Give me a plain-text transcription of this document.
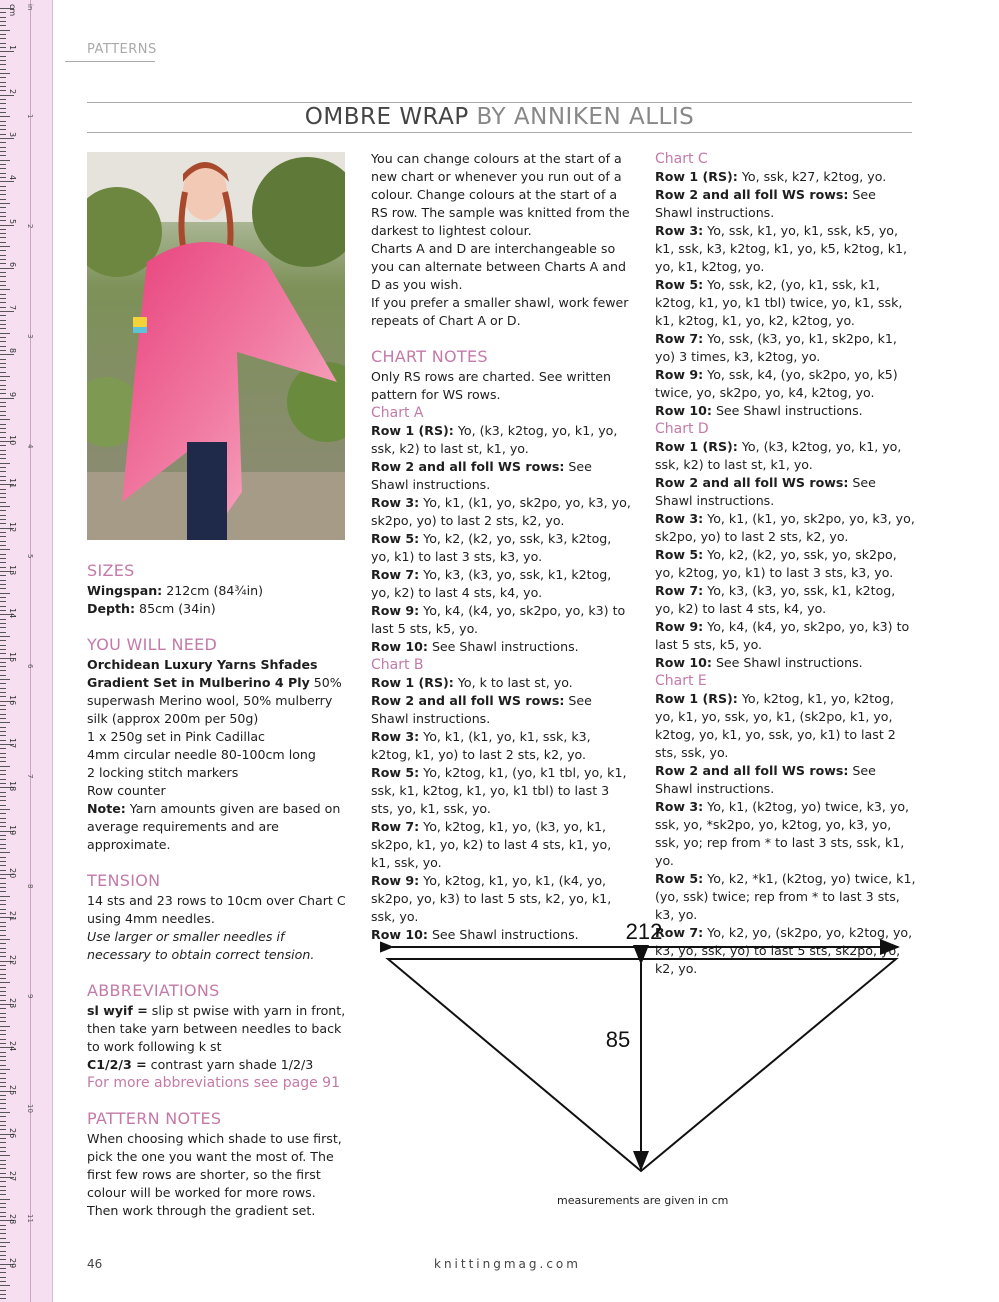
cm
1
2
3
4
5
6
7
8
9
10
11
12
13
14
15
16
17
18
19
20
21
22
23
24
25
26
27
28
29
in
1
2
3
4
5
6
7
8
9
10
11
PATTERNS
OMBRE WRAP BY ANNIKEN ALLIS
SIZES

Wingspan: 212cm (84¾in)

Depth: 85cm (34in)

YOU WILL NEED

Orchidean Luxury Yarns Shfades Gradient Set in Mulberino 4 Ply 50% superwash Merino wool, 50% mulberry silk (approx 200m per 50g)

1 x 250g set in Pink Cadillac

4mm circular needle 80-100cm long

2 locking stitch markers

Row counter

Note: Yarn amounts given are based on average requirements and are approximate.

TENSION

14 sts and 23 rows to 10cm over Chart C using 4mm needles.

Use larger or smaller needles if necessary to obtain correct tension.

ABBREVIATIONS

sl wyif = slip st pwise with yarn in front, then take yarn between needles to back to work following k st

C1/2/3 = contrast yarn shade 1/2/3

For more abbreviations see page 91

PATTERN NOTES

When choosing which shade to use first, pick the one you want the most of. The first few rows are shorter, so the first colour will be worked for more rows. Then work through the gradient set.

You can change colours at the start of a new chart or whenever you run out of a colour. Change colours at the start of a RS row. The sample was knitted from the darkest to lightest colour.

Charts A and D are interchangeable so you can alternate between Charts A and D as you wish.

If you prefer a smaller shawl, work fewer repeats of Chart A or D.

CHART NOTES

Only RS rows are charted. See written pattern for WS rows.

Chart A

Row 1 (RS): Yo, (k3, k2tog, yo, k1, yo, ssk, k2) to last st, k1, yo.

Row 2 and all foll WS rows: See Shawl instructions.

Row 3: Yo, k1, (k1, yo, sk2po, yo, k3, yo, sk2po, yo) to last 2 sts, k2, yo.

Row 5: Yo, k2, (k2, yo, ssk, k3, k2tog, yo, k1) to last 3 sts, k3, yo.

Row 7: Yo, k3, (k3, yo, ssk, k1, k2tog, yo, k2) to last 4 sts, k4, yo.

Row 9: Yo, k4, (k4, yo, sk2po, yo, k3) to last 5 sts, k5, yo.

Row 10: See Shawl instructions.

Chart B

Row 1 (RS): Yo, k to last st, yo.

Row 2 and all foll WS rows: See Shawl instructions.

Row 3: Yo, k1, (k1, yo, k1, ssk, k3, k2tog, k1, yo) to last 2 sts, k2, yo.

Row 5: Yo, k2tog, k1, (yo, k1 tbl, yo, k1, ssk, k1, k2tog, k1, yo, k1 tbl) to last 3 sts, yo, k1, ssk, yo.

Row 7: Yo, k2tog, k1, yo, (k3, yo, k1, sk2po, k1, yo, k2) to last 4 sts, k1, yo, k1, ssk, yo.

Row 9: Yo, k2tog, k1, yo, k1, (k4, yo, sk2po, yo, k3) to last 5 sts, k2, yo, k1, ssk, yo.

Row 10: See Shawl instructions.

Chart C

Row 1 (RS): Yo, ssk, k27, k2tog, yo.

Row 2 and all foll WS rows: See Shawl instructions.

Row 3: Yo, ssk, k1, yo, k1, ssk, k5, yo, k1, ssk, k3, k2tog, k1, yo, k5, k2tog, k1, yo, k1, k2tog, yo.

Row 5: Yo, ssk, k2, (yo, k1, ssk, k1, k2tog, k1, yo, k1 tbl) twice, yo, k1, ssk, k1, k2tog, k1, yo, k2, k2tog, yo.

Row 7: Yo, ssk, (k3, yo, k1, sk2po, k1, yo) 3 times, k3, k2tog, yo.

Row 9: Yo, ssk, k4, (yo, sk2po, yo, k5) twice, yo, sk2po, yo, k4, k2tog, yo.

Row 10: See Shawl instructions.

Chart D

Row 1 (RS): Yo, (k3, k2tog, yo, k1, yo, ssk, k2) to last st, k1, yo.

Row 2 and all foll WS rows: See Shawl instructions.

Row 3: Yo, k1, (k1, yo, sk2po, yo, k3, yo, sk2po, yo) to last 2 sts, k2, yo.

Row 5: Yo, k2, (k2, yo, ssk, yo, sk2po, yo, k2tog, yo, k1) to last 3 sts, k3, yo.

Row 7: Yo, k3, (k3, yo, ssk, k1, k2tog, yo, k2) to last 4 sts, k4, yo.

Row 9: Yo, k4, (k4, yo, sk2po, yo, k3) to last 5 sts, k5, yo.

Row 10: See Shawl instructions.

Chart E

Row 1 (RS): Yo, k2tog, k1, yo, k2tog, yo, k1, yo, ssk, yo, k1, (sk2po, k1, yo, k2tog, yo, k1, yo, ssk, yo, k1) to last 2 sts, ssk, yo.

Row 2 and all foll WS rows: See Shawl instructions.

Row 3: Yo, k1, (k2tog, yo) twice, k3, yo, ssk, yo, *sk2po, yo, k2tog, yo, k3, yo, ssk, yo; rep from * to last 3 sts, ssk, k1, yo.

Row 5: Yo, k2, *k1, (k2tog, yo) twice, k1, (yo, ssk) twice; rep from * to last 3 sts, k3, yo.

Row 7: Yo, k2, yo, (sk2po, yo, k2tog, yo, k3, yo, ssk, yo) to last 5 sts, sk2po, yo, k2, yo.

212
85
measurements are given in cm
46	knittingmag.com
